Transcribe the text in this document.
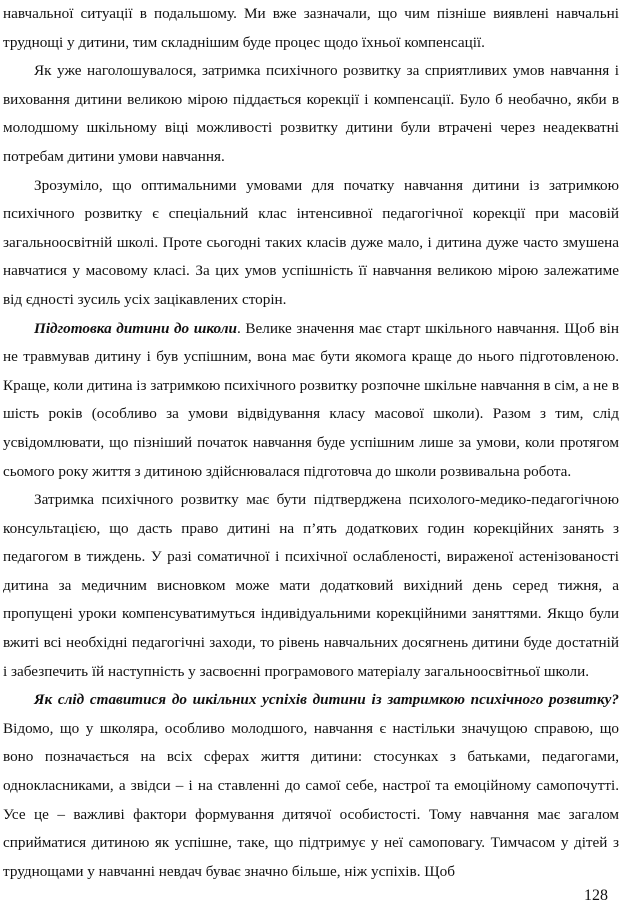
навчальної ситуації в подальшому. Ми вже зазначали, що чим пізніше виявлені навчальні труднощі у дитини, тим складнішим буде процес щодо їхньої компенсації.

Як уже наголошувалося, затримка психічного розвитку за сприятливих умов навчання і виховання дитини великою мірою піддається корекції і компенсації. Було б необачно, якби в молодшому шкільному віці можливості розвитку дитини були втрачені через неадекватні потребам дитини умови навчання.

Зрозуміло, що оптимальними умовами для початку навчання дитини із затримкою психічного розвитку є спеціальний клас інтенсивної педагогічної корекції при масовій загальноосвітній школі. Проте сьогодні таких класів дуже мало, і дитина дуже часто змушена навчатися у масовому класі. За цих умов успішність її навчання великою мірою залежатиме від єдності зусиль усіх зацікавлених сторін.

Підготовка дитини до школи. Велике значення має старт шкільного навчання. Щоб він не травмував дитину і був успішним, вона має бути якомога краще до нього підготовленою. Краще, коли дитина із затримкою психічного розвитку розпочне шкільне навчання в сім, а не в шість років (особливо за умови відвідування класу масової школи). Разом з тим, слід усвідомлювати, що пізніший початок навчання буде успішним лише за умови, коли протягом сьомого року життя з дитиною здійснювалася підготовча до школи розвивальна робота.

Затримка психічного розвитку має бути підтверджена психолого-медико-педагогічною консультацією, що дасть право дитині на п’ять додаткових годин корекційних занять з педагогом в тиждень. У разі соматичної і психічної ослабленості, вираженої астенізованості дитина за медичним висновком може мати додатковий вихідний день серед тижня, а пропущені уроки компенсуватимуться індивідуальними корекційними заняттями. Якщо були вжиті всі необхідні педагогічні заходи, то рівень навчальних досягнень дитини буде достатній і забезпечить їй наступність у засвоєнні програмового матеріалу загальноосвітньої школи.

Як слід ставитися до шкільних успіхів дитини із затримкою психічного розвитку? Відомо, що у школяра, особливо молодшого, навчання є настільки значущою справою, що воно позначається на всіх сферах життя дитини: стосунках з батьками, педагогами, однокласниками, а звідси – і на ставленні до самої себе, настрої та емоційному самопочутті. Усе це – важливі фактори формування дитячої особистості. Тому навчання має загалом сприйматися дитиною як успішне, таке, що підтримує у неї самоповагу. Тимчасом у дітей з труднощами у навчанні невдач буває значно більше, ніж успіхів. Щоб

128
